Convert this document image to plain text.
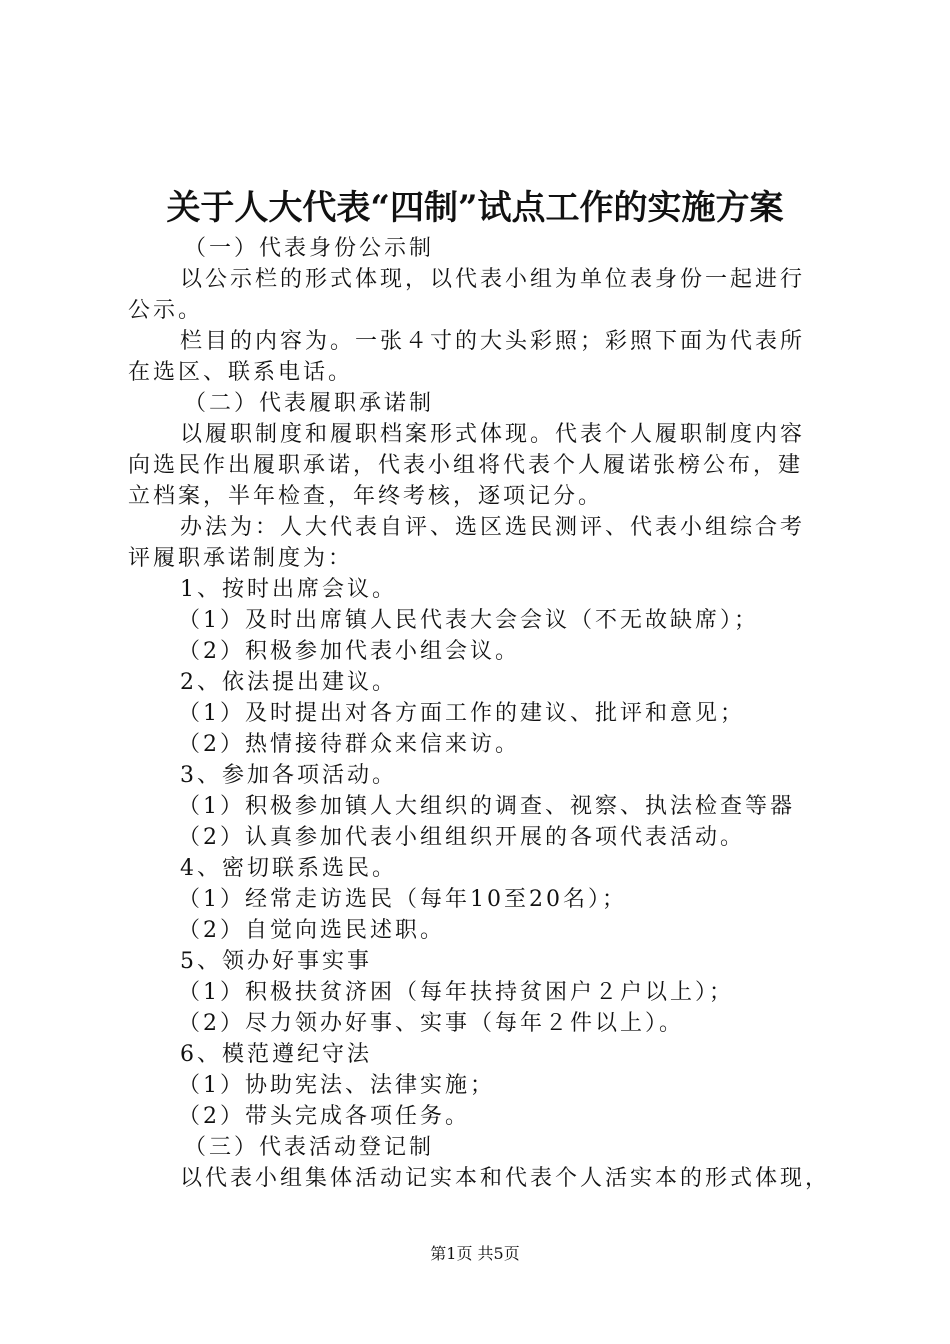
关于人大代表“四制”试点工作的实施方案
（一）代表身份公示制
以公示栏的形式体现，以代表小组为单位表身份一起进行
公示。
栏目的内容为。一张４寸的大头彩照；彩照下面为代表所
在选区、联系电话。
（二）代表履职承诺制
以履职制度和履职档案形式体现。代表个人履职制度内容
向选民作出履职承诺，代表小组将代表个人履诺张榜公布，建
立档案，半年检查，年终考核，逐项记分。
办法为：人大代表自评、选区选民测评、代表小组综合考
评履职承诺制度为：
1、按时出席会议。
（1）及时出席镇人民代表大会会议（不无故缺席）；
（2）积极参加代表小组会议。
2、依法提出建议。
（1）及时提出对各方面工作的建议、批评和意见；
（2）热情接待群众来信来访。
3、参加各项活动。
（1）积极参加镇人大组织的调查、视察、执法检查等器
（2）认真参加代表小组组织开展的各项代表活动。
4、密切联系选民。
（1）经常走访选民（每年10至20名）；
（2）自觉向选民述职。
5、领办好事实事
（1）积极扶贫济困（每年扶持贫困户２户以上）；
（2）尽力领办好事、实事（每年２件以上）。
6、模范遵纪守法
（1）协助宪法、法律实施；
（2）带头完成各项任务。
（三）代表活动登记制
以代表小组集体活动记实本和代表个人活实本的形式体现，
第1页 共5页
